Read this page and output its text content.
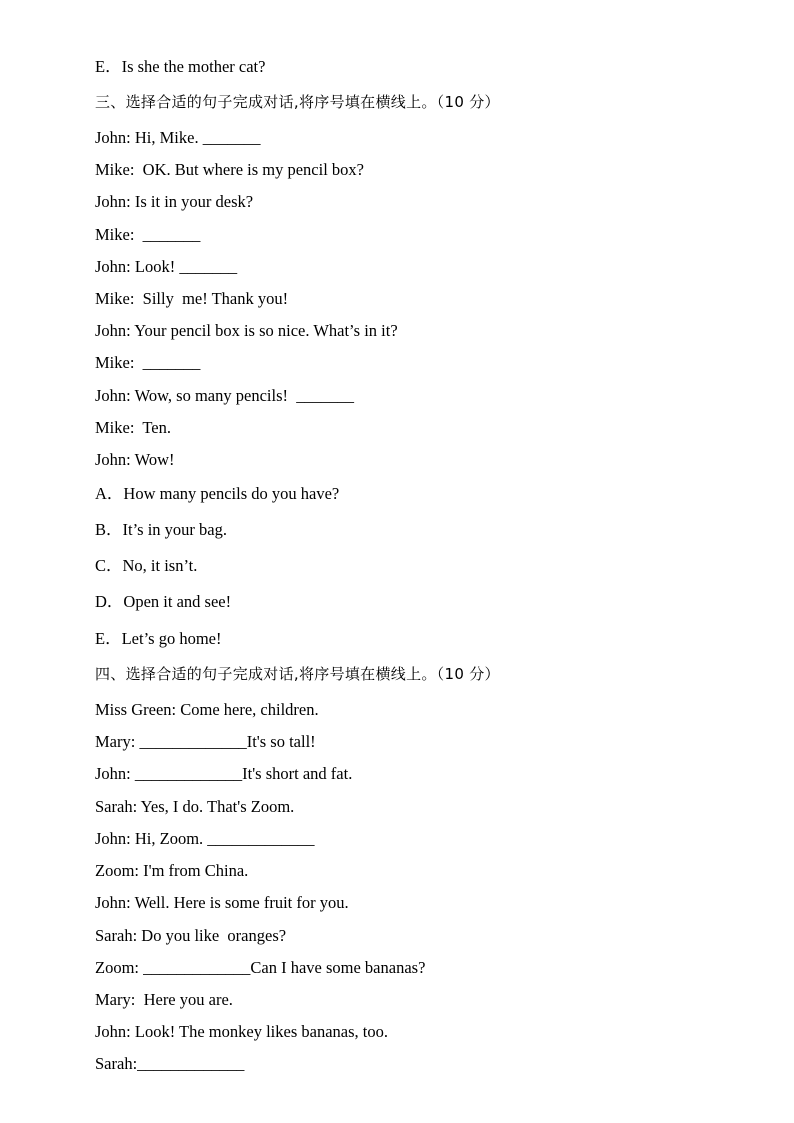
E．Is she the mother cat?
三、选择合适的句子完成对话,将序号填在横线上。（10 分）
John: Hi, Mike. _______
Mike:  OK. But where is my pencil box?
John: Is it in your desk?
Mike:  _______
John: Look! _______
Mike:  Silly  me! Thank you!
John: Your pencil box is so nice. What’s in it?
Mike:  _______
John: Wow, so many pencils!  _______
Mike:  Ten.
John: Wow!
A．How many pencils do you have?
B．It’s in your bag.
C．No, it isn’t.
D．Open it and see!
E．Let’s go home!
四、选择合适的句子完成对话,将序号填在横线上。（10 分）
Miss Green: Come here, children.
Mary: _____________It's so tall!
John: _____________It's short and fat.
Sarah: Yes, I do. That's Zoom.
John: Hi, Zoom. _____________
Zoom: I'm from China.
John: Well. Here is some fruit for you.
Sarah: Do you like  oranges?
Zoom: _____________Can I have some bananas?
Mary:  Here you are.
John: Look! The monkey likes bananas, too.
Sarah:_____________
